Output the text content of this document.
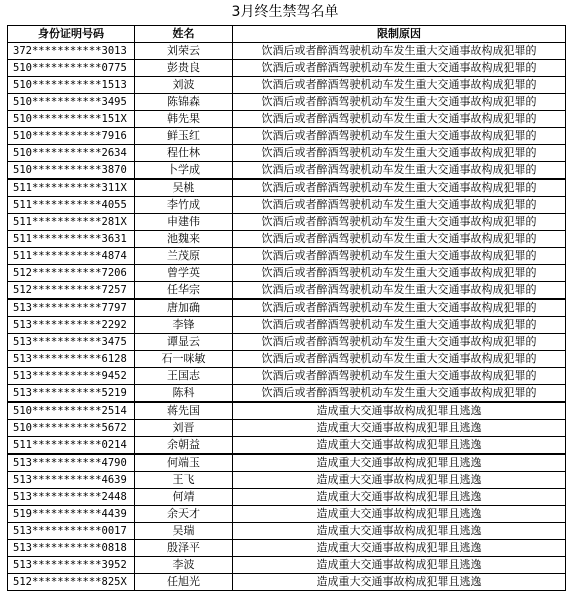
3月终生禁驾名单
身份证明号码	姓名	限制原因
372***********3013	刘荣云	饮酒后或者醉酒驾驶机动车发生重大交通事故构成犯罪的
510***********0775	彭贵良	饮酒后或者醉酒驾驶机动车发生重大交通事故构成犯罪的
510***********1513	刘波	饮酒后或者醉酒驾驶机动车发生重大交通事故构成犯罪的
510***********3495	陈锦森	饮酒后或者醉酒驾驶机动车发生重大交通事故构成犯罪的
510***********151X	韩先果	饮酒后或者醉酒驾驶机动车发生重大交通事故构成犯罪的
510***********7916	鲜玉红	饮酒后或者醉酒驾驶机动车发生重大交通事故构成犯罪的
510***********2634	程仕林	饮酒后或者醉酒驾驶机动车发生重大交通事故构成犯罪的
510***********3870	卜学成	饮酒后或者醉酒驾驶机动车发生重大交通事故构成犯罪的
511***********311X	吴桃	饮酒后或者醉酒驾驶机动车发生重大交通事故构成犯罪的
511***********4055	李竹成	饮酒后或者醉酒驾驶机动车发生重大交通事故构成犯罪的
511***********281X	申建伟	饮酒后或者醉酒驾驶机动车发生重大交通事故构成犯罪的
511***********3631	池魏来	饮酒后或者醉酒驾驶机动车发生重大交通事故构成犯罪的
511***********4874	兰茂原	饮酒后或者醉酒驾驶机动车发生重大交通事故构成犯罪的
512***********7206	曾学英	饮酒后或者醉酒驾驶机动车发生重大交通事故构成犯罪的
512***********7257	任华宗	饮酒后或者醉酒驾驶机动车发生重大交通事故构成犯罪的
513***********7797	唐加确	饮酒后或者醉酒驾驶机动车发生重大交通事故构成犯罪的
513***********2292	李锋	饮酒后或者醉酒驾驶机动车发生重大交通事故构成犯罪的
513***********3475	谭显云	饮酒后或者醉酒驾驶机动车发生重大交通事故构成犯罪的
513***********6128	石一咪敏	饮酒后或者醉酒驾驶机动车发生重大交通事故构成犯罪的
513***********9452	王国志	饮酒后或者醉酒驾驶机动车发生重大交通事故构成犯罪的
513***********5219	陈科	饮酒后或者醉酒驾驶机动车发生重大交通事故构成犯罪的
510***********2514	蒋先国	造成重大交通事故构成犯罪且逃逸
510***********5672	刘晋	造成重大交通事故构成犯罪且逃逸
511***********0214	余朝益	造成重大交通事故构成犯罪且逃逸
513***********4790	何端玉	造成重大交通事故构成犯罪且逃逸
513***********4639	王飞	造成重大交通事故构成犯罪且逃逸
513***********2448	何靖	造成重大交通事故构成犯罪且逃逸
519***********4439	余天才	造成重大交通事故构成犯罪且逃逸
513***********0017	吴瑞	造成重大交通事故构成犯罪且逃逸
513***********0818	殷泽平	造成重大交通事故构成犯罪且逃逸
513***********3952	李波	造成重大交通事故构成犯罪且逃逸
512***********825X	任旭光	造成重大交通事故构成犯罪且逃逸
